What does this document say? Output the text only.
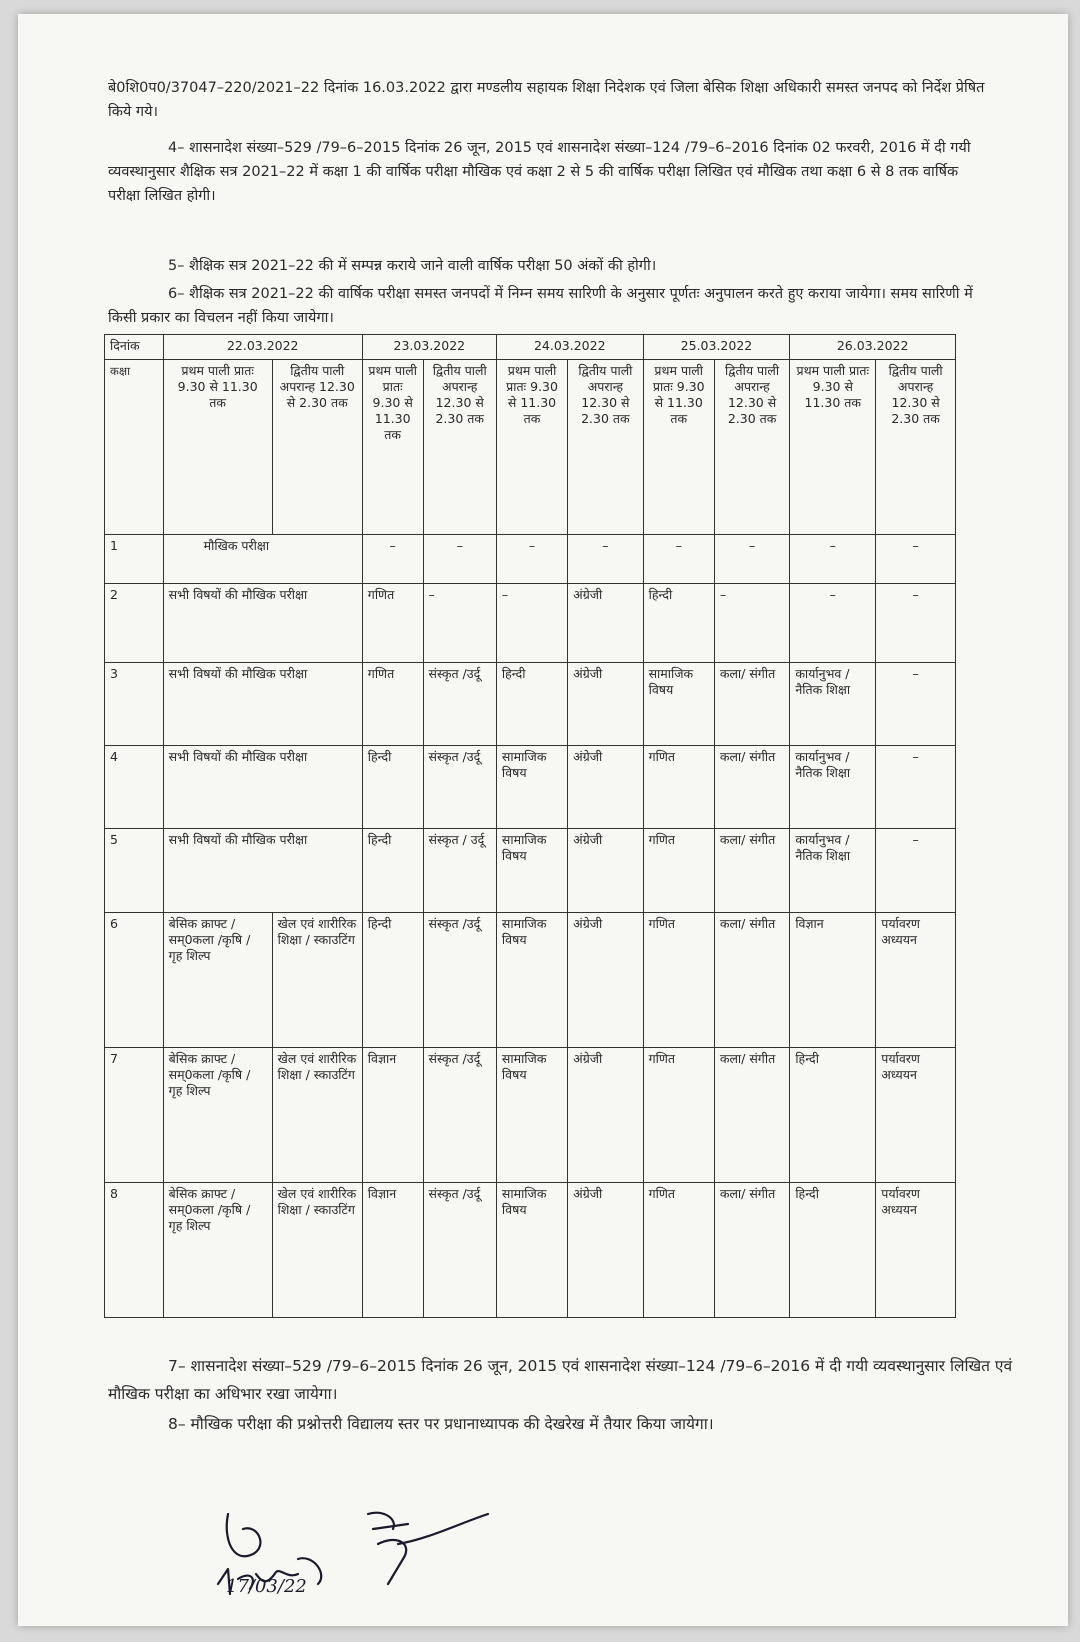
बे0शि0प0/37047–220/2021–22 दिनांक 16.03.2022 द्वारा मण्डलीय सहायक शिक्षा निदेशक एवं जिला बेसिक शिक्षा अधिकारी समस्त जनपद को निर्देश प्रेषित किये गये।

4– शासनादेश संख्या–529 /79–6–2015 दिनांक 26 जून, 2015 एवं शासनादेश संख्या–124 /79–6–2016 दिनांक 02 फरवरी, 2016 में दी गयी व्यवस्थानुसार शैक्षिक सत्र 2021–22 में कक्षा 1 की वार्षिक परीक्षा मौखिक एवं कक्षा 2 से 5 की वार्षिक परीक्षा लिखित एवं मौखिक तथा कक्षा 6 से 8 तक वार्षिक परीक्षा लिखित होगी।

5– शैक्षिक सत्र 2021–22 की में सम्पन्न कराये जाने वाली वार्षिक परीक्षा 50 अंकों की होगी।

6– शैक्षिक सत्र 2021–22 की वार्षिक परीक्षा समस्त जनपदों में निम्न समय सारिणी के अनुसार पूर्णतः अनुपालन करते हुए कराया जायेगा। समय सारिणी में किसी प्रकार का विचलन नहीं किया जायेगा।

दिनांक	22.03.2022		23.03.2022		24.03.2022		25.03.2022		26.03.2022	
कक्षा	प्रथम पाली प्रातः 9.30 से 11.30 तक	द्वितीय पाली अपरान्ह 12.30 से 2.30 तक	प्रथम पाली प्रातः 9.30 से 11.30 तक	द्वितीय पाली अपरान्ह 12.30 से 2.30 तक	प्रथम पाली प्रातः 9.30 से 11.30 तक	द्वितीय पाली अपरान्ह 12.30 से 2.30 तक	प्रथम पाली प्रातः 9.30 से 11.30 तक	द्वितीय पाली अपरान्ह 12.30 से 2.30 तक	प्रथम पाली प्रातः 9.30 से 11.30 तक	द्वितीय पाली अपरान्ह 12.30 से 2.30 तक
1	मौखिक परीक्षा		–	–	–	–	–	–	–	–
2	सभी विषयों की मौखिक परीक्षा		गणित	–	–	अंग्रेजी	हिन्दी	–	–	–
3	सभी विषयों की मौखिक परीक्षा		गणित	संस्कृत /उर्दू	हिन्दी	अंग्रेजी	सामाजिक विषय	कला/ संगीत	कार्यानुभव / नैतिक शिक्षा	–
4	सभी विषयों की मौखिक परीक्षा		हिन्दी	संस्कृत /उर्दू	सामाजिक विषय	अंग्रेजी	गणित	कला/ संगीत	कार्यानुभव / नैतिक शिक्षा	–
5	सभी विषयों की मौखिक परीक्षा		हिन्दी	संस्कृत / उर्दू	सामाजिक विषय	अंग्रेजी	गणित	कला/ संगीत	कार्यानुभव / नैतिक शिक्षा	–
6	बेसिक क्राफ्ट / सम्0कला /कृषि / गृह शिल्प	खेल एवं शारीरिक शिक्षा / स्काउटिंग	हिन्दी	संस्कृत /उर्दू	सामाजिक विषय	अंग्रेजी	गणित	कला/ संगीत	विज्ञान	पर्यावरण अध्ययन
7	बेसिक क्राफ्ट / सम्0कला /कृषि / गृह शिल्प	खेल एवं शारीरिक शिक्षा / स्काउटिंग	विज्ञान	संस्कृत /उर्दू	सामाजिक विषय	अंग्रेजी	गणित	कला/ संगीत	हिन्दी	पर्यावरण अध्ययन
8	बेसिक क्राफ्ट / सम्0कला /कृषि / गृह शिल्प	खेल एवं शारीरिक शिक्षा / स्काउटिंग	विज्ञान	संस्कृत /उर्दू	सामाजिक विषय	अंग्रेजी	गणित	कला/ संगीत	हिन्दी	पर्यावरण अध्ययन

7– शासनादेश संख्या–529 /79–6–2015 दिनांक 26 जून, 2015 एवं शासनादेश संख्या–124 /79–6–2016 में दी गयी व्यवस्थानुसार लिखित एवं मौखिक परीक्षा का अधिभार रखा जायेगा।

8– मौखिक परीक्षा की प्रश्नोत्तरी विद्यालय स्तर पर प्रधानाध्यापक की देखरेख में तैयार किया जायेगा।

17/03/22
